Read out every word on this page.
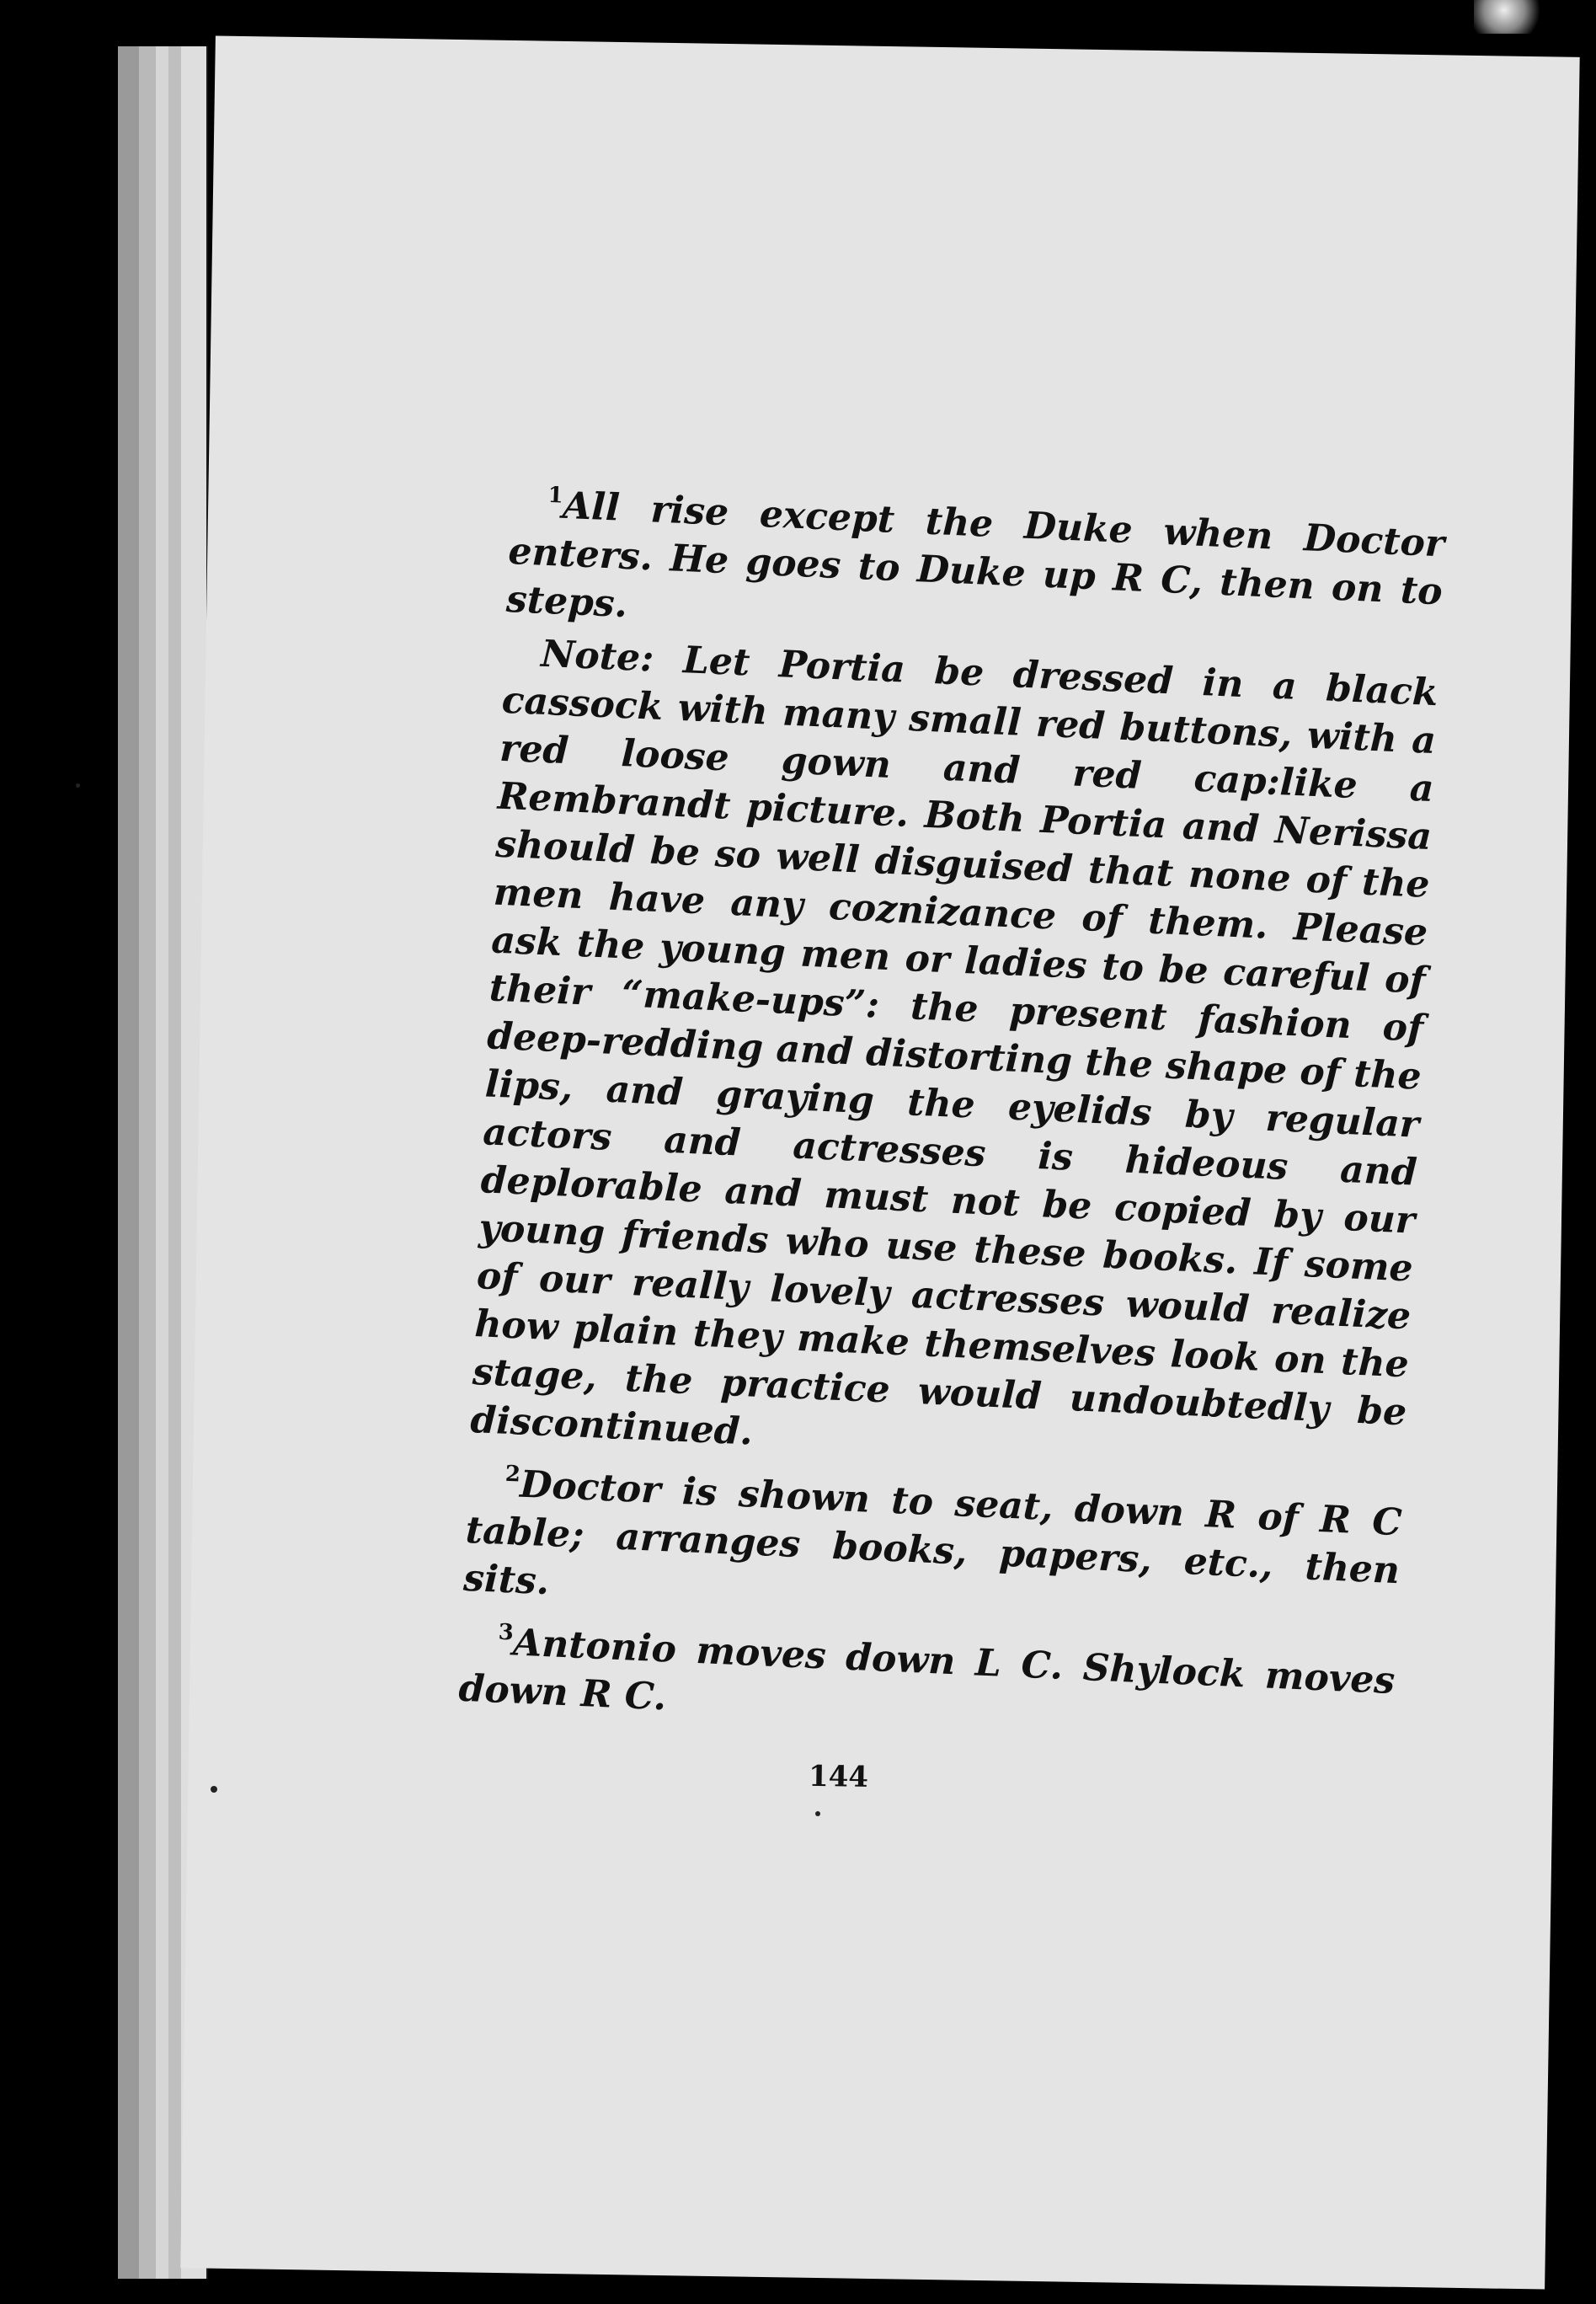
$^1$All rise except the Duke when Doctor enters. He goes to Duke up R C, then on to steps.

Note: Let Portia be dressed in a black cassock with many small red buttons, with a red loose gown and red cap:like a Rembrandt picture. Both Portia and Nerissa should be so well disguised that none of the men have any coznizance of them. Please ask the young men or ladies to be careful of their “make-ups”: the present fashion of deep-redding and distorting the shape of the lips, and graying the eyelids by regular actors and actresses is hideous and deplorable and must not be copied by our young friends who use these books. If some of our really lovely actresses would realize how plain they make themselves look on the stage, the practice would undoubtedly be discontinued.

$^2$Doctor is shown to seat, down R of R C table; arranges books, papers, etc., then sits.

$^3$Antonio moves down L C. Shylock moves down R C.

144
